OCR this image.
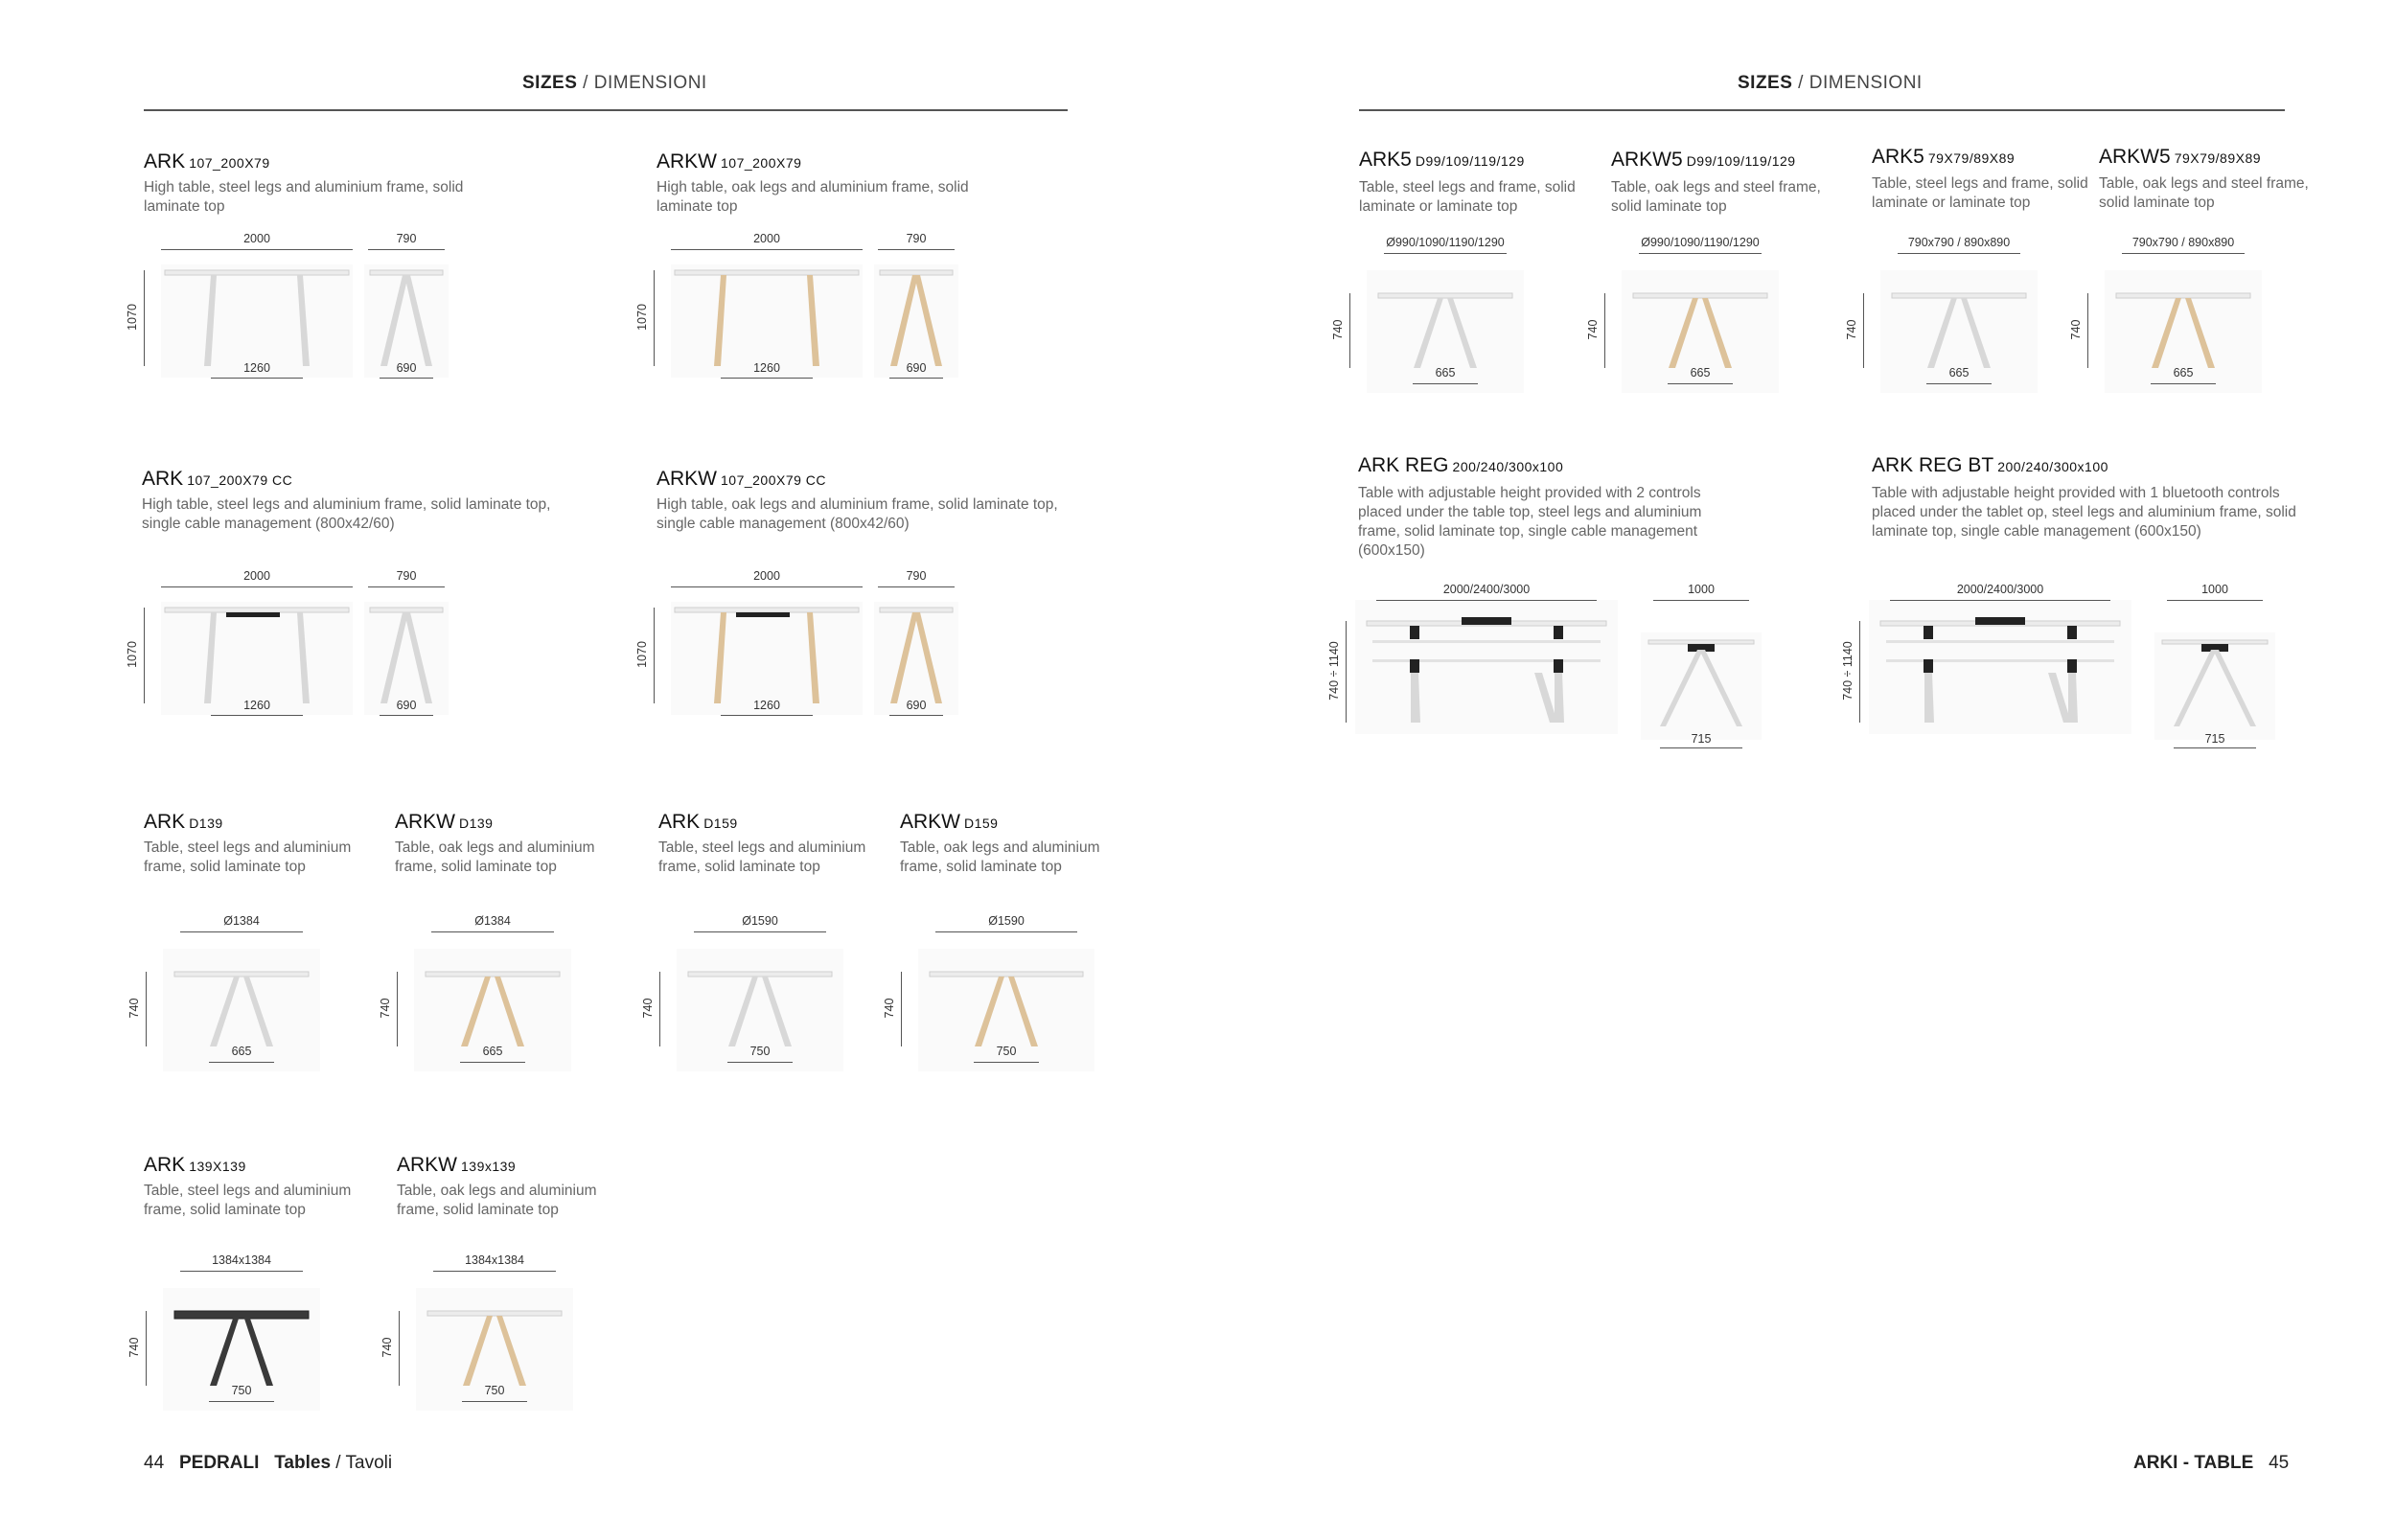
SIZES / DIMENSIONI
ARK 107_200X79
High table, steel legs and aluminium frame, solid laminate top
2000	790
1260	690
1070
ARKW 107_200X79
High table, oak legs and aluminium frame, solid laminate top
2000	790
1260	690
1070
ARK 107_200X79 CC
High table, steel legs and aluminium frame, solid laminate top, single cable management (800x42/60)
2000	790
1260	690
1070
ARKW 107_200X79 CC
High table, oak legs and aluminium frame, solid laminate top, single cable management (800x42/60)
2000	790
1260	690
1070
ARK D139
Table, steel legs and aluminium frame, solid laminate top
Ø1384
665
740
ARKW D139
Table, oak legs and aluminium frame, solid laminate top
Ø1384
665
740
ARK D159
Table, steel legs and aluminium frame, solid laminate top
Ø1590
750
740
ARKW D159
Table, oak legs and aluminium frame, solid laminate top
Ø1590
750
740
ARK 139X139
Table, steel legs and aluminium frame, solid laminate top
1384x1384
750
740
ARKW 139x139
Table, oak legs and aluminium frame, solid laminate top
1384x1384
750
740
44 PEDRALI Tables / Tavoli
SIZES / DIMENSIONI
ARK5 D99/109/119/129
Table, steel legs and frame, solid laminate or laminate top
Ø990/1090/1190/1290
665
740
ARKW5 D99/109/119/129
Table, oak legs and steel frame, solid laminate top
Ø990/1090/1190/1290
665
740
ARK5 79X79/89X89
Table, steel legs and frame, solid laminate or laminate top
790x790 / 890x890
665
740
ARKW5 79X79/89X89
Table, oak legs and steel frame, solid laminate top
790x790 / 890x890
665
740
ARK REG 200/240/300x100
Table with adjustable height provided with 2 controls placed under the table top, steel legs and aluminium frame, solid laminate top, single cable management (600x150)
2000/2400/3000	1000
715
740 ÷ 1140
ARK REG BT 200/240/300x100
Table with adjustable height provided with 1 bluetooth controls placed under the tablet op, steel legs and aluminium frame, solid laminate top, single cable management (600x150)
2000/2400/3000	1000
715
740 ÷ 1140
ARKI - TABLE 45
